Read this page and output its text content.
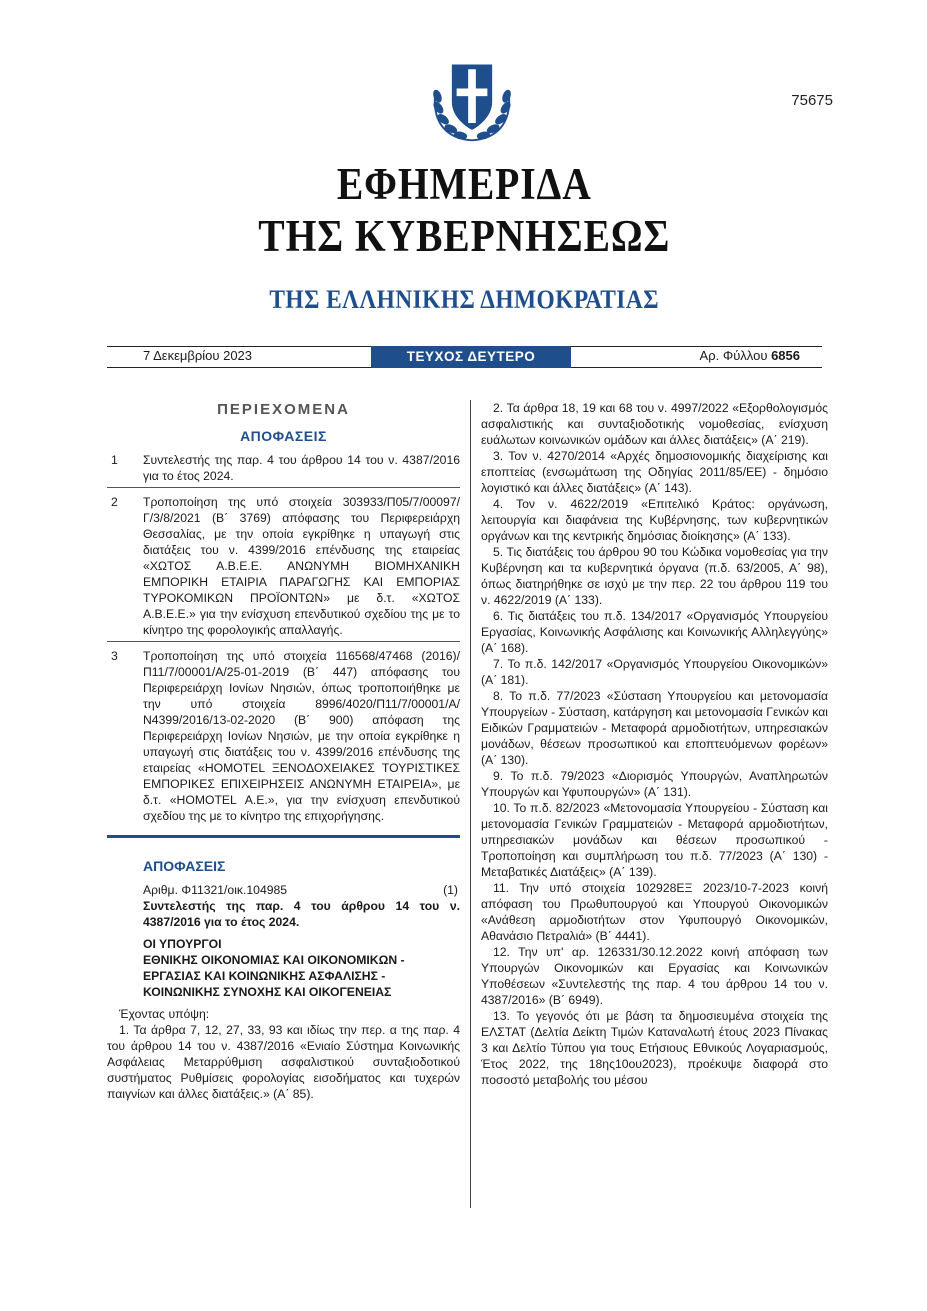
75675
ΕΦΗΜΕΡΙΔΑ
ΤΗΣ ΚΥΒΕΡΝΗΣΕΩΣ
ΤΗΣ ΕΛΛΗΝΙΚΗΣ ΔΗΜΟΚΡΑΤΙΑΣ
7 Δεκεμβρίου 2023	ΤΕΥΧΟΣ ΔΕΥΤΕΡΟ	Αρ. Φύλλου 6856
ΠΕΡΙΕΧΟΜΕΝΑ
ΑΠΟΦΑΣΕΙΣ
1	Συντελεστής της παρ. 4 του άρθρου 14 του ν. 4387/2016 για το έτος 2024.
2	Τροποποίηση της υπό στοιχεία 303933/Π05/7/00097/Γ/3/8/2021 (Β΄ 3769) απόφασης του Περιφερειάρχη Θεσσαλίας, με την οποία εγκρίθηκε η υπαγωγή στις διατάξεις του ν. 4399/2016 επένδυσης της εταιρείας «ΧΩΤΟΣ Α.Β.Ε.Ε. ΑΝΩΝΥΜΗ ΒΙΟΜΗΧΑΝΙΚΗ ΕΜΠΟΡΙΚΗ ΕΤΑΙΡΙΑ ΠΑΡΑΓΩΓΗΣ ΚΑΙ ΕΜΠΟΡΙΑΣ ΤΥΡΟΚΟΜΙΚΩΝ ΠΡΟΪΟΝΤΩΝ» με δ.τ. «ΧΩΤΟΣ Α.Β.Ε.Ε.» για την ενίσχυση επενδυτικού σχεδίου της με το κίνητρο της φορολογικής απαλλαγής.
3	Τροποποίηση της υπό στοιχεία 116568/47468 (2016)/Π11/7/00001/Α/25-01-2019 (Β΄ 447) απόφασης του Περιφερειάρχη Ιονίων Νησιών, όπως τροποποιήθηκε με την υπό στοιχεία 8996/4020/Π11/7/00001/Α/Ν4399/2016/13-02-2020 (Β΄ 900) απόφαση της Περιφερειάρχη Ιονίων Νησιών, με την οποία εγκρίθηκε η υπαγωγή στις διατάξεις του ν. 4399/2016 επένδυσης της εταιρείας «HOMOTEL ΞΕΝΟΔΟΧΕΙΑΚΕΣ ΤΟΥΡΙΣΤΙΚΕΣ ΕΜΠΟΡΙΚΕΣ ΕΠΙΧΕΙΡΗΣΕΙΣ ΑΝΩΝΥΜΗ ΕΤΑΙΡΕΙΑ», με δ.τ. «HOMOTEL Α.Ε.», για την ενίσχυση επενδυτικού σχεδίου της με το κίνητρο της επιχορήγησης.
ΑΠΟΦΑΣΕΙΣ
Αριθμ. Φ11321/οικ.104985	(1)
Συντελεστής της παρ. 4 του άρθρου 14 του ν. 4387/2016 για το έτος 2024.
ΟΙ ΥΠΟΥΡΓΟΙ
ΕΘΝΙΚΗΣ ΟΙΚΟΝΟΜΙΑΣ ΚΑΙ ΟΙΚΟΝΟΜΙΚΩΝ -
ΕΡΓΑΣΙΑΣ ΚΑΙ ΚΟΙΝΩΝΙΚΗΣ ΑΣΦΑΛΙΣΗΣ -
ΚΟΙΝΩΝΙΚΗΣ ΣΥΝΟΧΗΣ ΚΑΙ ΟΙΚΟΓΕΝΕΙΑΣ

Έχοντας υπόψη:

1. Τα άρθρα 7, 12, 27, 33, 93 και ιδίως την περ. α της παρ. 4 του άρθρου 14 του ν. 4387/2016 «Ενιαίο Σύστημα Κοινωνικής Ασφάλειας Μεταρρύθμιση ασφαλιστικού συνταξιοδοτικού συστήματος Ρυθμίσεις φορολογίας εισοδήματος και τυχερών παιγνίων και άλλες διατάξεις.» (Α΄ 85).

2. Τα άρθρα 18, 19 και 68 του ν. 4997/2022 «Εξορθολογισμός ασφαλιστικής και συνταξιοδοτικής νομοθεσίας, ενίσχυση ευάλωτων κοινωνικών ομάδων και άλλες διατάξεις» (Α΄ 219).

3. Τον ν. 4270/2014 «Αρχές δημοσιονομικής διαχείρισης και εποπτείας (ενσωμάτωση της Οδηγίας 2011/85/ΕΕ) - δημόσιο λογιστικό και άλλες διατάξεις» (Α΄ 143).

4. Τον ν. 4622/2019 «Επιτελικό Κράτος: οργάνωση, λειτουργία και διαφάνεια της Κυβέρνησης, των κυβερνητικών οργάνων και της κεντρικής δημόσιας διοίκησης» (Α΄ 133).

5. Τις διατάξεις του άρθρου 90 του Κώδικα νομοθεσίας για την Κυβέρνηση και τα κυβερνητικά όργανα (π.δ. 63/2005, Α΄ 98), όπως διατηρήθηκε σε ισχύ με την περ. 22 του άρθρου 119 του ν. 4622/2019 (Α΄ 133).

6. Τις διατάξεις του π.δ. 134/2017 «Οργανισμός Υπουργείου Εργασίας, Κοινωνικής Ασφάλισης και Κοινωνικής Αλληλεγγύης» (Α΄ 168).

7. Το π.δ. 142/2017 «Οργανισμός Υπουργείου Οικονομικών» (Α΄ 181).

8. Το π.δ. 77/2023 «Σύσταση Υπουργείου και μετονομασία Υπουργείων - Σύσταση, κατάργηση και μετονομασία Γενικών και Ειδικών Γραμματειών - Μεταφορά αρμοδιοτήτων, υπηρεσιακών μονάδων, θέσεων προσωπικού και εποπτευόμενων φορέων» (Α΄ 130).

9. Το π.δ. 79/2023 «Διορισμός Υπουργών, Αναπληρωτών Υπουργών και Υφυπουργών» (Α΄ 131).

10. Το π.δ. 82/2023 «Μετονομασία Υπουργείου - Σύσταση και μετονομασία Γενικών Γραμματειών - Μεταφορά αρμοδιοτήτων, υπηρεσιακών μονάδων και θέσεων προσωπικού - Τροποποίηση και συμπλήρωση του π.δ. 77/2023 (Α΄ 130) - Μεταβατικές Διατάξεις» (Α΄ 139).

11. Την υπό στοιχεία 102928ΕΞ 2023/10-7-2023 κοινή απόφαση του Πρωθυπουργού και Υπουργού Οικονομικών «Ανάθεση αρμοδιοτήτων στον Υφυπουργό Οικονομικών, Αθανάσιο Πετραλιά» (Β΄ 4441).

12. Την υπ' αρ. 126331/30.12.2022 κοινή απόφαση των Υπουργών Οικονομικών και Εργασίας και Κοινωνικών Υποθέσεων «Συντελεστής της παρ. 4 του άρθρου 14 του ν. 4387/2016» (Β΄ 6949).

13. Το γεγονός ότι με βάση τα δημοσιευμένα στοιχεία της ΕΛΣΤΑΤ (Δελτία Δείκτη Τιμών Καταναλωτή έτους 2023 Πίνακας 3 και Δελτίο Τύπου για τους Ετήσιους Εθνικούς Λογαριασμούς, Έτος 2022, της 18ης10ου2023), προέκυψε διαφορά στο ποσοστό μεταβολής του μέσου
